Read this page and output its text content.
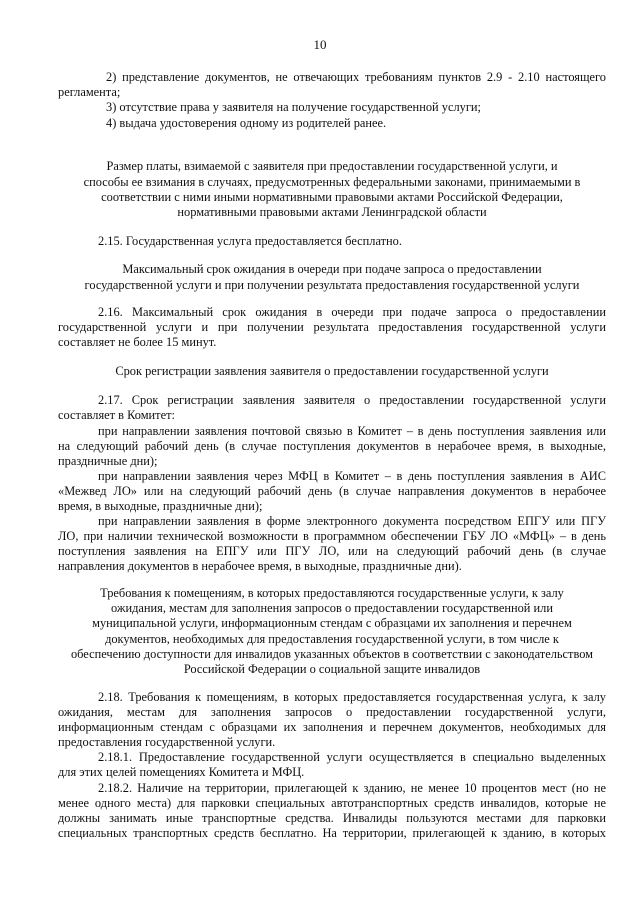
10
2) представление документов, не отвечающих требованиям пунктов 2.9 - 2.10 настоящего
регламента;
3) отсутствие права у заявителя на получение государственной услуги;
4) выдача удостоверения одному из родителей ранее.
Размер платы, взимаемой с заявителя при предоставлении государственной услуги, и
способы ее взимания в случаях, предусмотренных федеральными законами, принимаемыми в
соответствии с ними иными нормативными правовыми актами Российской Федерации,
нормативными правовыми актами Ленинградской области
2.15. Государственная услуга предоставляется бесплатно.
Максимальный срок ожидания в очереди при подаче запроса о предоставлении
государственной услуги и при получении результата предоставления государственной услуги
2.16. Максимальный срок ожидания в очереди при подаче запроса о предоставлении
государственной услуги и при получении результата предоставления государственной услуги
составляет не более 15 минут.
Срок регистрации заявления заявителя о предоставлении государственной услуги
2.17. Срок регистрации заявления заявителя о предоставлении государственной услуги
составляет в Комитет:
при направлении заявления почтовой связью в Комитет – в день поступления заявления или
на следующий рабочий день (в случае поступления документов в нерабочее время, в выходные,
праздничные дни);
при направлении заявления через МФЦ в Комитет – в день поступления заявления в АИС
«Межвед ЛО» или на следующий рабочий день (в случае направления документов в нерабочее
время, в выходные, праздничные дни);
при направлении заявления в форме электронного документа посредством ЕПГУ или ПГУ
ЛО, при наличии технической возможности в программном обеспечении ГБУ ЛО «МФЦ» – в день
поступления заявления на ЕПГУ или ПГУ ЛО, или на следующий рабочий день (в случае
направления документов в нерабочее время, в выходные, праздничные дни).
Требования к помещениям, в которых предоставляются государственные услуги, к залу
ожидания, местам для заполнения запросов о предоставлении государственной или
муниципальной услуги, информационным стендам с образцами их заполнения и перечнем
документов, необходимых для предоставления государственной услуги, в том числе к
обеспечению доступности для инвалидов указанных объектов в соответствии с законодательством
Российской Федерации о социальной защите инвалидов
2.18. Требования к помещениям, в которых предоставляется государственная услуга, к залу
ожидания, местам для заполнения запросов о предоставлении государственной услуги,
информационным стендам с образцами их заполнения и перечнем документов, необходимых для
предоставления государственной услуги.
2.18.1. Предоставление государственной услуги осуществляется в специально выделенных
для этих целей помещениях Комитета и МФЦ.
2.18.2. Наличие на территории, прилегающей к зданию, не менее 10 процентов мест (но не
менее одного места) для парковки специальных автотранспортных средств инвалидов, которые не
должны занимать иные транспортные средства. Инвалиды пользуются местами для парковки
специальных транспортных средств бесплатно. На территории, прилегающей к зданию, в которых
